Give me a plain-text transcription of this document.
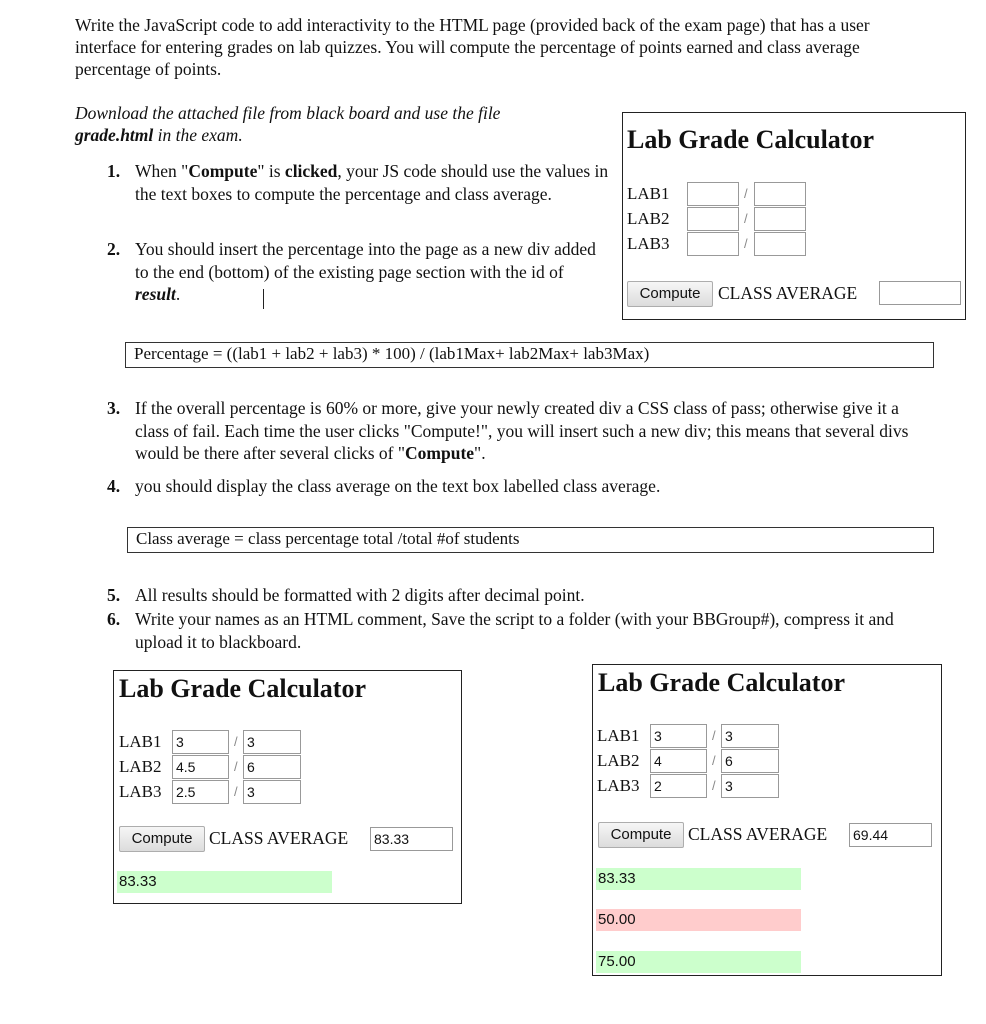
Write the JavaScript code to add interactivity to the HTML page (provided back of the exam page) that has a user interface for entering grades on lab quizzes. You will compute the percentage of points earned and class average percentage of points.

Download the attached file from black board and use the file
grade.html in the exam.

1. When "Compute" is clicked, your JS code should use the values in the text boxes to compute the percentage and class average.
2. You should insert the percentage into the page as a new div added to the end (bottom) of the existing page section with the id of result.
Lab Grade Calculator
LAB1	/
LAB2	/
LAB3	/
Compute	CLASS AVERAGE
Percentage = ((lab1 + lab2 + lab3) * 100) / (lab1Max+ lab2Max+ lab3Max)
3. If the overall percentage is 60% or more, give your newly created div a CSS class of pass; otherwise give it a class of fail. Each time the user clicks "Compute!", you will insert such a new div; this means that several divs would be there after several clicks of "Compute".
4. you should display the class average on the text box labelled class average.
Class average = class percentage total /total #of students
5. All results should be formatted with 2 digits after decimal point.
6. Write your names as an HTML comment, Save the script to a folder (with your BBGroup#), compress it and upload it to blackboard.
Lab Grade Calculator
LAB1 3	/ 3
LAB2 4.5	/ 6
LAB3 2.5	/ 3
Compute CLASS AVERAGE 83.33
83.33
Lab Grade Calculator
LAB1 3	/ 3
LAB2 4	/ 6
LAB3 2	/ 3
Compute CLASS AVERAGE 69.44
83.33
50.00
75.00
